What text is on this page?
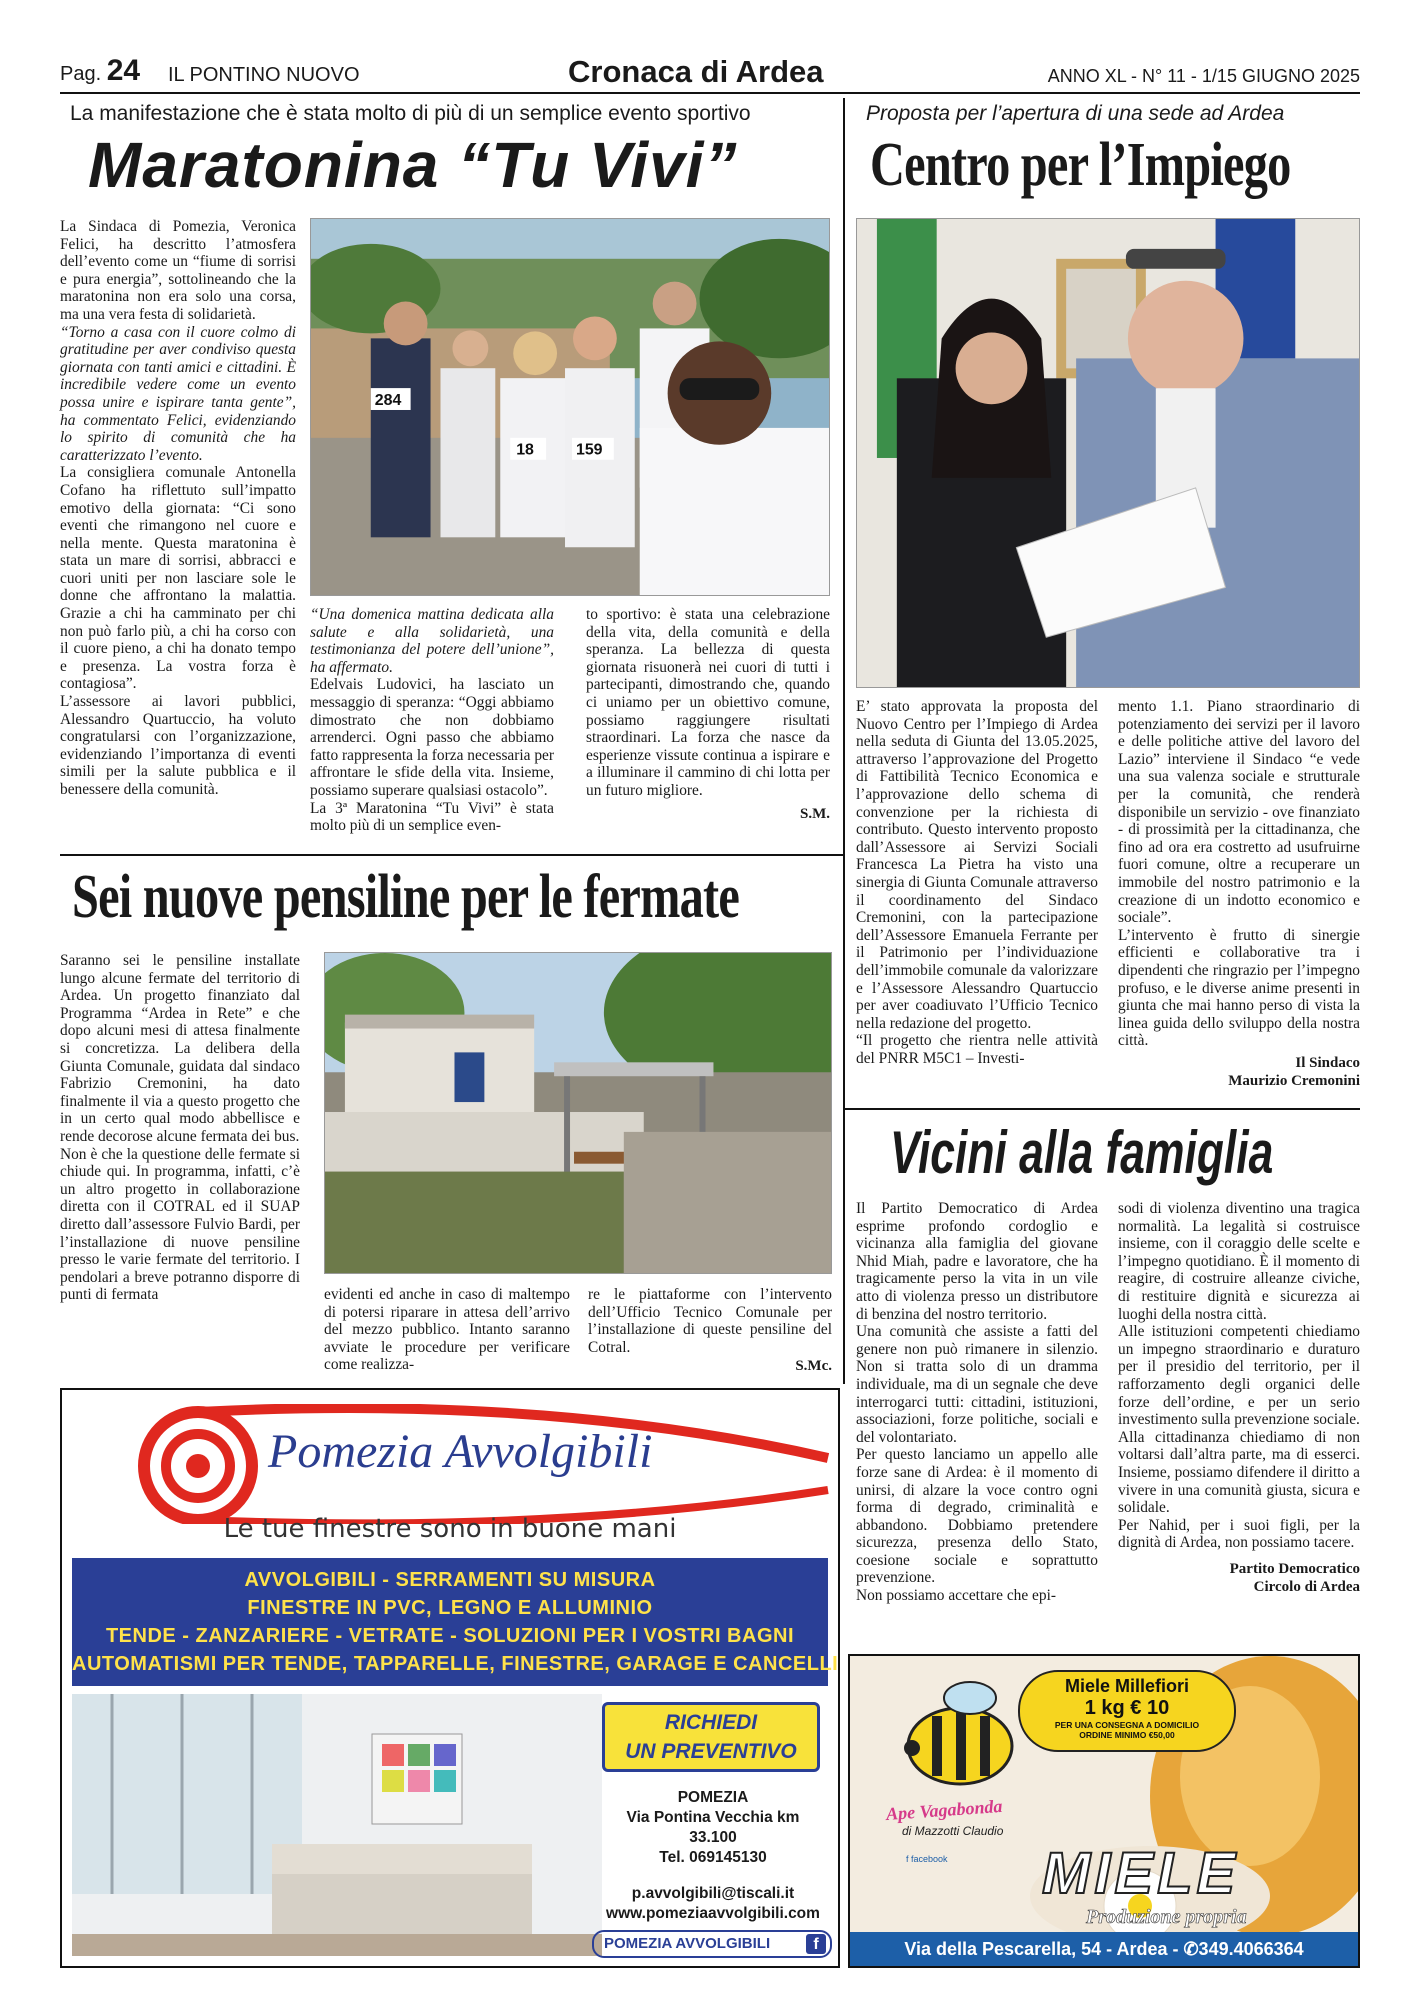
Pag. 24 IL PONTINO NUOVO	Cronaca di Ardea	ANNO XL - N° 11 - 1/15 GIUGNO 2025
La manifestazione che è stata molto di più di un semplice evento sportivo
Maratonina “Tu Vivi”

La Sindaca di Pomezia, Veronica Felici, ha descritto l’atmosfera dell’evento come un “fiume di sorrisi e pura energia”, sottolineando che la maratonina non era solo una corsa, ma una vera festa di solidarietà.

“Torno a casa con il cuore colmo di gratitudine per aver condiviso questa giornata con tanti amici e cittadini. È incredibile vedere come un evento possa unire e ispirare tanta gente”, ha commentato Felici, evidenziando lo spirito di comunità che ha caratterizzato l’evento.

La consigliera comunale Antonella Cofano ha riflettuto sull’impatto emotivo della giornata: “Ci sono eventi che rimangono nel cuore e nella mente. Questa maratonina è stata un mare di sorrisi, abbracci e cuori uniti per non lasciare sole le donne che affrontano la malattia. Grazie a chi ha camminato per chi non può farlo più, a chi ha corso con il cuore pieno, a chi ha donato tempo e presenza. La vostra forza è contagiosa”.

L’assessore ai lavori pubblici, Alessandro Quartuccio, ha voluto congratularsi con l’organizzazione, evidenziando l’importanza di eventi simili per la salute pubblica e il benessere della comunità.

284
18	159

“Una domenica mattina dedicata alla salute e alla solidarietà, una testimonianza del potere dell’unione”, ha affermato.

Edelvais Ludovici, ha lasciato un messaggio di speranza: “Oggi abbiamo dimostrato che non dobbiamo arrenderci. Ogni passo che abbiamo fatto rappresenta la forza necessaria per affrontare le sfide della vita. Insieme, possiamo superare qualsiasi ostacolo”.

La 3ª Maratonina “Tu Vivi” è stata molto più di un semplice even-

to sportivo: è stata una celebrazione della vita, della comunità e della speranza. La bellezza di questa giornata risuonerà nei cuori di tutti i partecipanti, dimostrando che, quando ci uniamo per un obiettivo comune, possiamo raggiungere risultati straordinari. La forza che nasce da esperienze vissute continua a ispirare e a illuminare il cammino di chi lotta per un futuro migliore.

S.M.
Proposta per l’apertura di una sede ad Ardea
Centro per l’Impiego

E’ stato approvata la proposta del Nuovo Centro per l’Impiego di Ardea nella seduta di Giunta del 13.05.2025, attraverso l’approvazione del Progetto di Fattibilità Tecnico Economica e l’approvazione dello schema di convenzione per la richiesta di contributo. Questo intervento proposto dall’Assessore ai Servizi Sociali Francesca La Pietra ha visto una sinergia di Giunta Comunale attraverso il coordinamento del Sindaco Cremonini, con la partecipazione dell’Assessore Emanuela Ferrante per il Patrimonio per l’individuazione dell’immobile comunale da valorizzare e l’Assessore Alessandro Quartuccio per aver coadiuvato l’Ufficio Tecnico nella redazione del progetto.

“Il progetto che rientra nelle attività del PNRR M5C1 – Investi-

mento 1.1. Piano straordinario di potenziamento dei servizi per il lavoro e delle politiche attive del lavoro del Lazio” interviene il Sindaco “e vede una sua valenza sociale e strutturale per la comunità, che renderà disponibile un servizio - ove finanziato - di prossimità per la cittadinanza, che fino ad ora era costretto ad usufruirne fuori comune, oltre a recuperare un immobile del nostro patrimonio e la creazione di un indotto economico e sociale”.

L’intervento è frutto di sinergie efficienti e collaborative tra i dipendenti che ringrazio per l’impegno profuso, e le diverse anime presenti in giunta che mai hanno perso di vista la linea guida dello sviluppo della nostra città.

Il Sindaco
Maurizio Cremonini
Sei nuove pensiline per le fermate

Saranno sei le pensiline installate lungo alcune fermate del territorio di Ardea. Un progetto finanziato dal Programma “Ardea in Rete” e che dopo alcuni mesi di attesa finalmente si concretizza. La delibera della Giunta Comunale, guidata dal sindaco Fabrizio Cremonini, ha dato finalmente il via a questo progetto che in un certo qual modo abbellisce e rende decorose alcune fermata dei bus.

Non è che la questione delle fermate si chiude qui. In programma, infatti, c’è un altro progetto in collaborazione diretta con il COTRAL ed il SUAP diretto dall’assessore Fulvio Bardi, per l’installazione di nuove pensiline presso le varie fermate del territorio. I pendolari a breve potranno disporre di punti di fermata	evidenti ed anche in caso di maltempo di potersi riparare in attesa dell’arrivo del mezzo pubblico. Intanto saranno avviate le procedure per verificare come realizza-

re le piattaforme con l’intervento dell’Ufficio Tecnico Comunale per l’installazione di queste pensiline del Cotral.

S.Mc.
Vicini alla famiglia

Il Partito Democratico di Ardea esprime profondo cordoglio e vicinanza alla famiglia del giovane Nhid Miah, padre e lavoratore, che ha tragicamente perso la vita in un vile atto di violenza presso un distributore di benzina del nostro territorio.

Una comunità che assiste a fatti del genere non può rimanere in silenzio. Non si tratta solo di un dramma individuale, ma di un segnale che deve interrogarci tutti: cittadini, istituzioni, associazioni, forze politiche, sociali e del volontariato.

Per questo lanciamo un appello alle forze sane di Ardea: è il momento di unirsi, di alzare la voce contro ogni forma di degrado, criminalità e abbandono. Dobbiamo pretendere sicurezza, presenza dello Stato, coesione sociale e soprattutto prevenzione.

Non possiamo accettare che epi-

sodi di violenza diventino una tragica normalità. La legalità si costruisce insieme, con il coraggio delle scelte e l’impegno quotidiano. È il momento di reagire, di costruire alleanze civiche, di restituire dignità e sicurezza ai luoghi della nostra città.

Alle istituzioni competenti chiediamo un impegno straordinario e duraturo per il presidio del territorio, per il rafforzamento degli organici delle forze dell’ordine, e per un serio investimento sulla prevenzione sociale.

Alla cittadinanza chiediamo di non voltarsi dall’altra parte, ma di esserci. Insieme, possiamo difendere il diritto a vivere in una comunità giusta, sicura e solidale.

Per Nahid, per i suoi figli, per la dignità di Ardea, non possiamo tacere.

Partito Democratico
Circolo di Ardea
Pomezia Avvolgibili
Le tue finestre sono in buone mani
AVVOLGIBILI - SERRAMENTI SU MISURA
FINESTRE IN PVC, LEGNO E ALLUMINIO
TENDE - ZANZARIERE - VETRATE - SOLUZIONI PER I VOSTRI BAGNI
AUTOMATISMI PER TENDE, TAPPARELLE, FINESTRE, GARAGE E CANCELLI
RICHIEDI
UN PREVENTIVO
POMEZIA
Via Pontina Vecchia km 33.100
Tel. 069145130
p.avvolgibili@tiscali.it
www.pomeziaavvolgibili.com
POMEZIA AVVOLGIBILI	f
Miele Millefiori
1 kg € 10
PER UNA CONSEGNA A DOMICILIO
ORDINE MINIMO €50,00
Ape Vagabonda
di Mazzotti Claudio
f facebook MIELE
Produzione propria
Via della Pescarella, 54 - Ardea - ✆349.4066364
